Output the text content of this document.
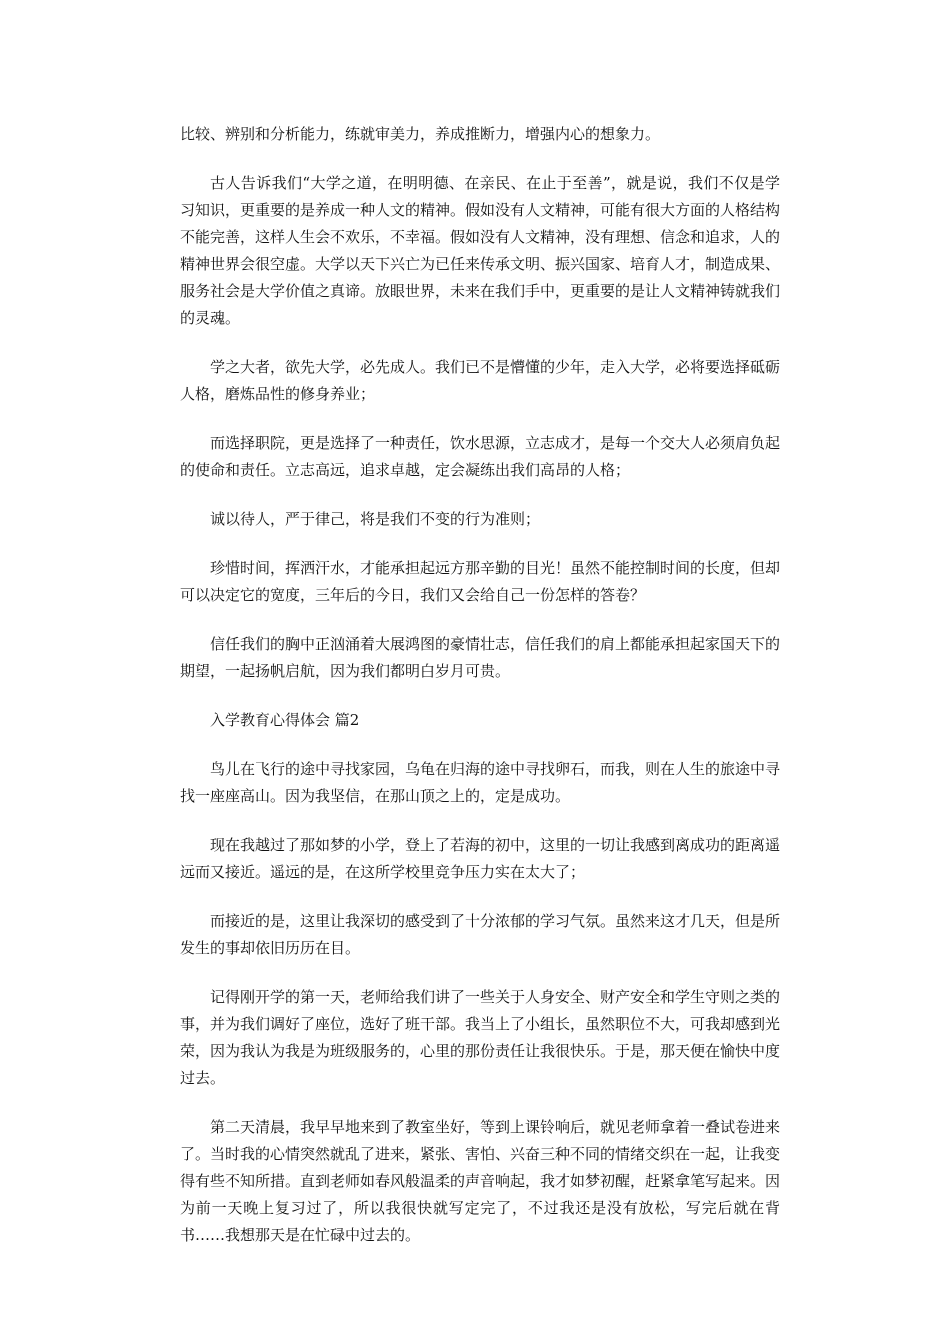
比较、辨别和分析能力，练就审美力，养成推断力，增强内心的想象力。

古人告诉我们“大学之道，在明明德、在亲民、在止于至善”，就是说，我们不仅是学习知识，更重要的是养成一种人文的精神。假如没有人文精神，可能有很大方面的人格结构不能完善，这样人生会不欢乐，不幸福。假如没有人文精神，没有理想、信念和追求，人的精神世界会很空虚。大学以天下兴亡为已任来传承文明、振兴国家、培育人才，制造成果、服务社会是大学价值之真谛。放眼世界，未来在我们手中，更重要的是让人文精神铸就我们的灵魂。

学之大者，欲先大学，必先成人。我们已不是懵懂的少年，走入大学，必将要选择砥砺人格，磨炼品性的修身养业；

而选择职院，更是选择了一种责任，饮水思源，立志成才，是每一个交大人必须肩负起的使命和责任。立志高远，追求卓越，定会凝练出我们高昂的人格；

诚以待人，严于律己，将是我们不变的行为准则；

珍惜时间，挥洒汗水，才能承担起远方那辛勤的目光！虽然不能控制时间的长度，但却可以决定它的宽度，三年后的今日，我们又会给自己一份怎样的答卷？

信任我们的胸中正汹涌着大展鸿图的豪情壮志，信任我们的肩上都能承担起家国天下的期望，一起扬帆启航，因为我们都明白岁月可贵。

入学教育心得体会 篇2

鸟儿在飞行的途中寻找家园，乌龟在归海的途中寻找卵石，而我，则在人生的旅途中寻找一座座高山。因为我坚信，在那山顶之上的，定是成功。

现在我越过了那如梦的小学，登上了若海的初中，这里的一切让我感到离成功的距离遥远而又接近。遥远的是，在这所学校里竞争压力实在太大了；

而接近的是，这里让我深切的感受到了十分浓郁的学习气氛。虽然来这才几天，但是所发生的事却依旧历历在目。

记得刚开学的第一天，老师给我们讲了一些关于人身安全、财产安全和学生守则之类的事，并为我们调好了座位，选好了班干部。我当上了小组长，虽然职位不大，可我却感到光荣，因为我认为我是为班级服务的，心里的那份责任让我很快乐。于是，那天便在愉快中度过去。

第二天清晨，我早早地来到了教室坐好，等到上课铃响后，就见老师拿着一叠试卷进来了。当时我的心情突然就乱了进来，紧张、害怕、兴奋三种不同的情绪交织在一起，让我变得有些不知所措。直到老师如春风般温柔的声音响起，我才如梦初醒，赶紧拿笔写起来。因为前一天晚上复习过了，所以我很快就写定完了，不过我还是没有放松，写完后就在背书……我想那天是在忙碌中过去的。
